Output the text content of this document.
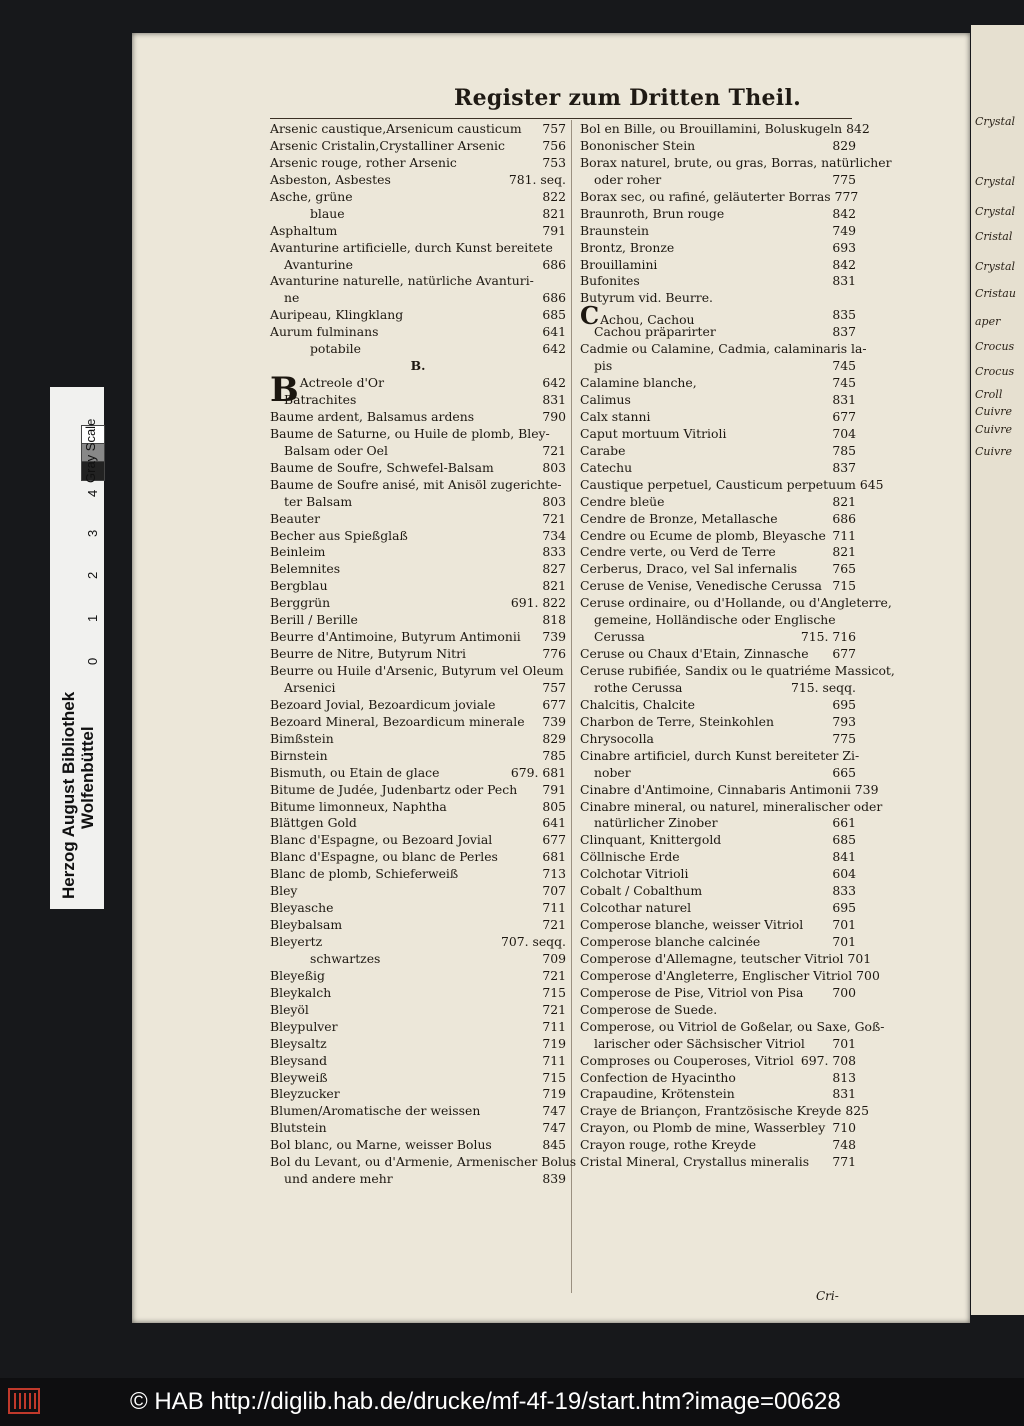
Gray Scale
4
3
2
1
0
Herzog August Bibliothek Wolfenbüttel
Crystal
Crystal
Crystal
Cristal
Crystal
Cristau
aper
Crocus
Crocus
Croll
Cuivre
Cuivre
Cuivre
Register zum Dritten Theil.
Arsenic caustique,Arsenicum causticum	757
Arsenic Cristalin,Crystalliner Arsenic	756
Arsenic rouge, rother Arsenic	753
Asbeston, Asbestes	781. seq.
Asche, grüne	822
blaue	821
Asphaltum	791
Avanturine artificielle, durch Kunst bereitete
Avanturine	686
Avanturine naturelle, natürliche Avanturi-
ne	686
Auripeau, Klingklang	685
Aurum fulminans	641
potabile	642
B.
BActreole d'Or	642
Batrachites	831
Baume ardent, Balsamus ardens	790
Baume de Saturne, ou Huile de plomb, Bley-
Balsam oder Oel	721
Baume de Soufre, Schwefel-Balsam	803
Baume de Soufre anisé, mit Anisöl zugerichte-
ter Balsam	803
Beauter	721
Becher aus Spießglaß	734
Beinleim	833
Belemnites	827
Bergblau	821
Berggrün	691. 822
Berill / Berille	818
Beurre d'Antimoine, Butyrum Antimonii	739
Beurre de Nitre, Butyrum Nitri	776
Beurre ou Huile d'Arsenic, Butyrum vel Oleum
Arsenici	757
Bezoard Jovial, Bezoardicum joviale	677
Bezoard Mineral, Bezoardicum minerale	739
Bimßstein	829
Birnstein	785
Bismuth, ou Etain de glace	679. 681
Bitume de Judée, Judenbartz oder Pech	791
Bitume limonneux, Naphtha	805
Blättgen Gold	641
Blanc d'Espagne, ou Bezoard Jovial	677
Blanc d'Espagne, ou blanc de Perles	681
Blanc de plomb, Schieferweiß	713
Bley	707
Bleyasche	711
Bleybalsam	721
Bleyertz	707. seqq.
schwartzes	709
Bleyeßig	721
Bleykalch	715
Bleyöl	721
Bleypulver	711
Bleysaltz	719
Bleysand	711
Bleyweiß	715
Bleyzucker	719
Blumen/Aromatische der weissen	747
Blutstein	747
Bol blanc, ou Marne, weisser Bolus	845
Bol du Levant, ou d'Armenie, Armenischer Bolus
und andere mehr	839
Bol en Bille, ou Brouillamini, Boluskugeln 842
Bononischer Stein	829
Borax naturel, brute, ou gras, Borras, natürlicher
oder roher	775
Borax sec, ou rafiné, geläuterter Borras 777
Braunroth, Brun rouge	842
Braunstein	749
Brontz, Bronze	693
Brouillamini	842
Bufonites	831
Butyrum vid. Beurre.
CAchou, Cachou	835
Cachou präparirter	837
Cadmie ou Calamine, Cadmia, calaminaris la-
pis	745
Calamine blanche,	745
Calimus	831
Calx stanni	677
Caput mortuum Vitrioli	704
Carabe	785
Catechu	837
Caustique perpetuel, Causticum perpetuum 645
Cendre bleüe	821
Cendre de Bronze, Metallasche	686
Cendre ou Ecume de plomb, Bleyasche 711
Cendre verte, ou Verd de Terre	821
Cerberus, Draco, vel Sal infernalis	765
Ceruse de Venise, Venedische Cerussa 715
Ceruse ordinaire, ou d'Hollande, ou d'Angleterre,
gemeine, Holländische oder Englische
Cerussa	715. 716
Ceruse ou Chaux d'Etain, Zinnasche	677
Ceruse rubifiée, Sandix ou le quatriéme Massicot,
rothe Cerussa	715. seqq.
Chalcitis, Chalcite	695
Charbon de Terre, Steinkohlen	793
Chrysocolla	775
Cinabre artificiel, durch Kunst bereiteter Zi-
nober	665
Cinabre d'Antimoine, Cinnabaris Antimonii 739
Cinabre mineral, ou naturel, mineralischer oder
natürlicher Zinober	661
Clinquant, Knittergold	685
Cöllnische Erde	841
Colchotar Vitrioli	604
Cobalt / Cobalthum	833
Colcothar naturel	695
Comperose blanche, weisser Vitriol	701
Comperose blanche calcinée	701
Comperose d'Allemagne, teutscher Vitriol 701
Comperose d'Angleterre, Englischer Vitriol 700
Comperose de Pise, Vitriol von Pisa	700
Comperose de Suede.
Comperose, ou Vitriol de Goßelar, ou Saxe, Goß-
larischer oder Sächsischer Vitriol	701
Comproses ou Couperoses, Vitriol 697. 708
Confection de Hyacintho	813
Crapaudine, Krötenstein	831
Craye de Briançon, Frantzösische Kreyde 825
Crayon, ou Plomb de mine, Wasserbley 710
Crayon rouge, rothe Kreyde	748
Cristal Mineral, Crystallus mineralis	771
Cri-
© HAB http://diglib.hab.de/drucke/mf-4f-19/start.htm?image=00628
